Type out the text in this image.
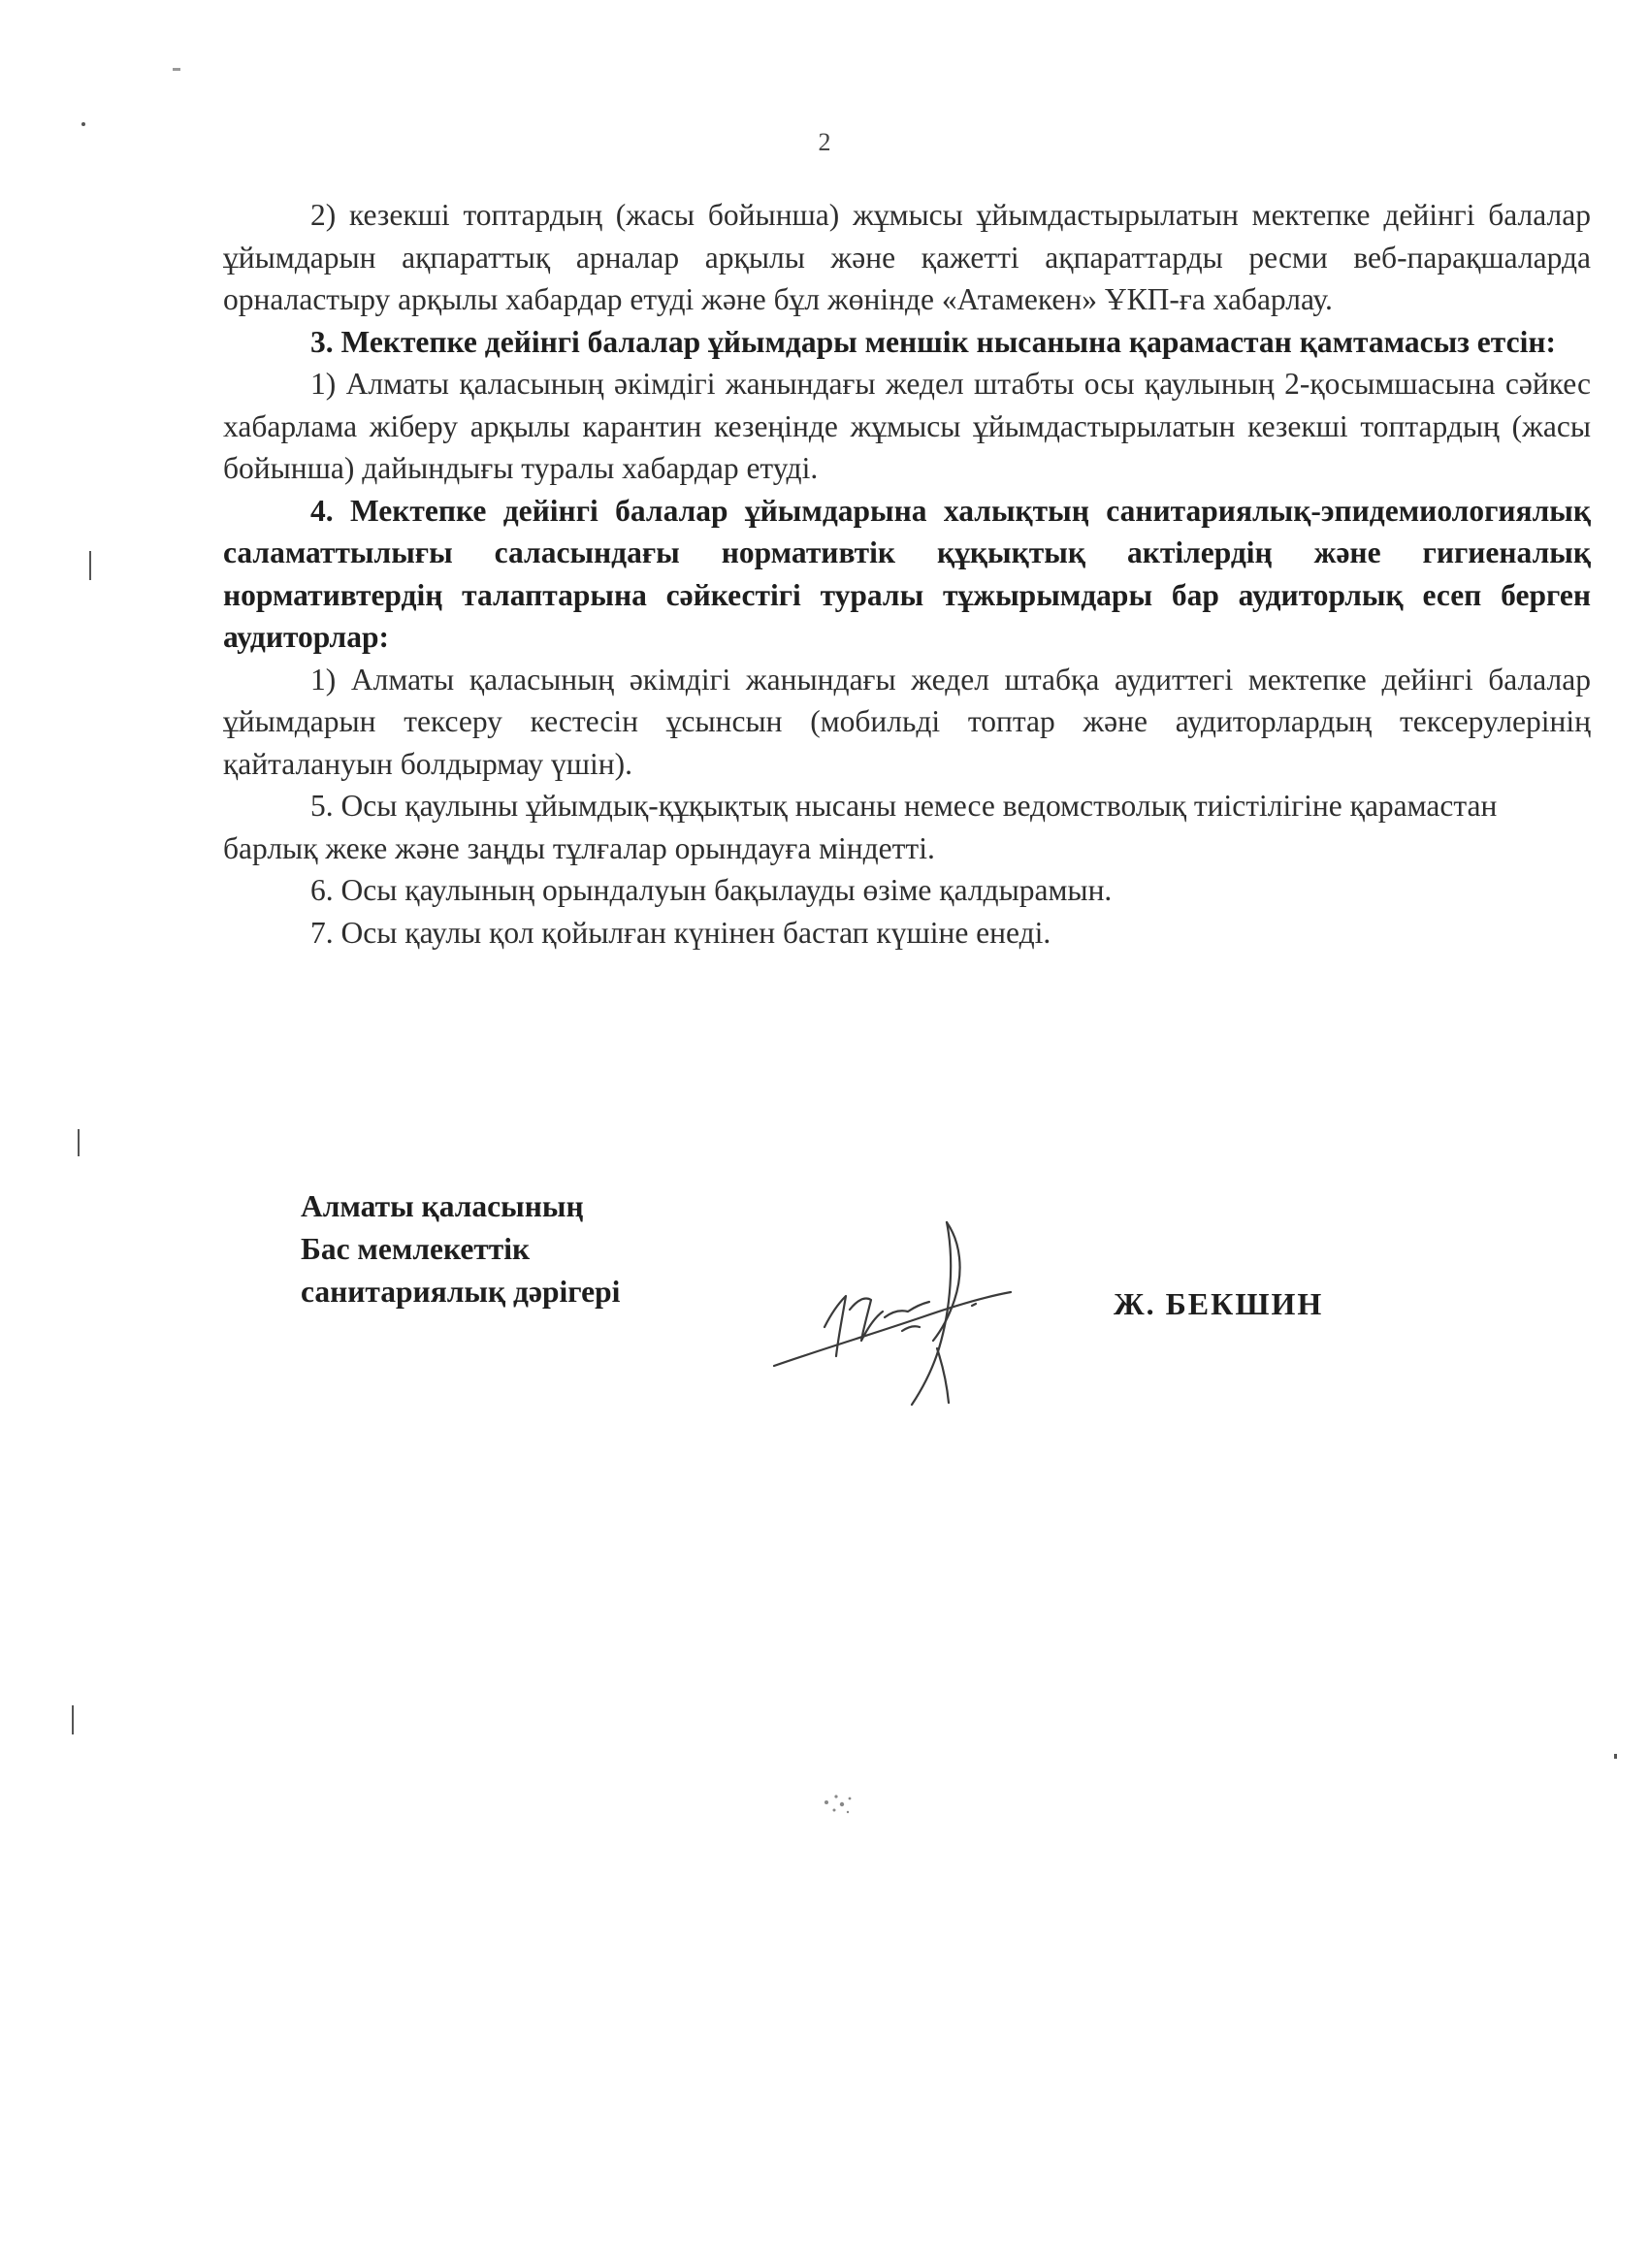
2

2) кезекші топтардың (жасы бойынша) жұмысы ұйымдастырылатын мектепке дейінгі балалар ұйымдарын ақпараттық арналар арқылы және қажетті ақпараттарды ресми веб-парақшаларда орналастыру арқылы хабардар етуді және бұл жөнінде «Атамекен» ҰКП-ға хабарлау.

3. Мектепке дейінгі балалар ұйымдары меншік нысанына қарамастан қамтамасыз етсін:

1) Алматы қаласының әкімдігі жанындағы жедел штабты осы қаулының 2-қосымшасына сәйкес хабарлама жіберу арқылы карантин кезеңінде жұмысы ұйымдастырылатын кезекші топтардың (жасы бойынша) дайындығы туралы хабардар етуді.

4. Мектепке дейінгі балалар ұйымдарына халықтың санитариялық-эпидемиологиялық саламаттылығы саласындағы нормативтік құқықтық актілердің және гигиеналық нормативтердің талаптарына сәйкестігі туралы тұжырымдары бар аудиторлық есеп берген аудиторлар:

1) Алматы қаласының әкімдігі жанындағы жедел штабқа аудиттегі мектепке дейінгі балалар ұйымдарын тексеру кестесін ұсынсын (мобильді топтар және аудиторлардың тексерулерінің қайталануын болдырмау үшін).

5. Осы қаулыны ұйымдық-құқықтық нысаны немесе ведомстволық тиістілігіне қарамастан барлық жеке және заңды тұлғалар орындауға міндетті.

6. Осы қаулының орындалуын бақылауды өзіме қалдырамын.

7. Осы қаулы қол қойылған күнінен бастап күшіне енеді.

Алматы қаласының
Бас мемлекеттік
санитариялық дәрігері	Ж. БЕКШИН
